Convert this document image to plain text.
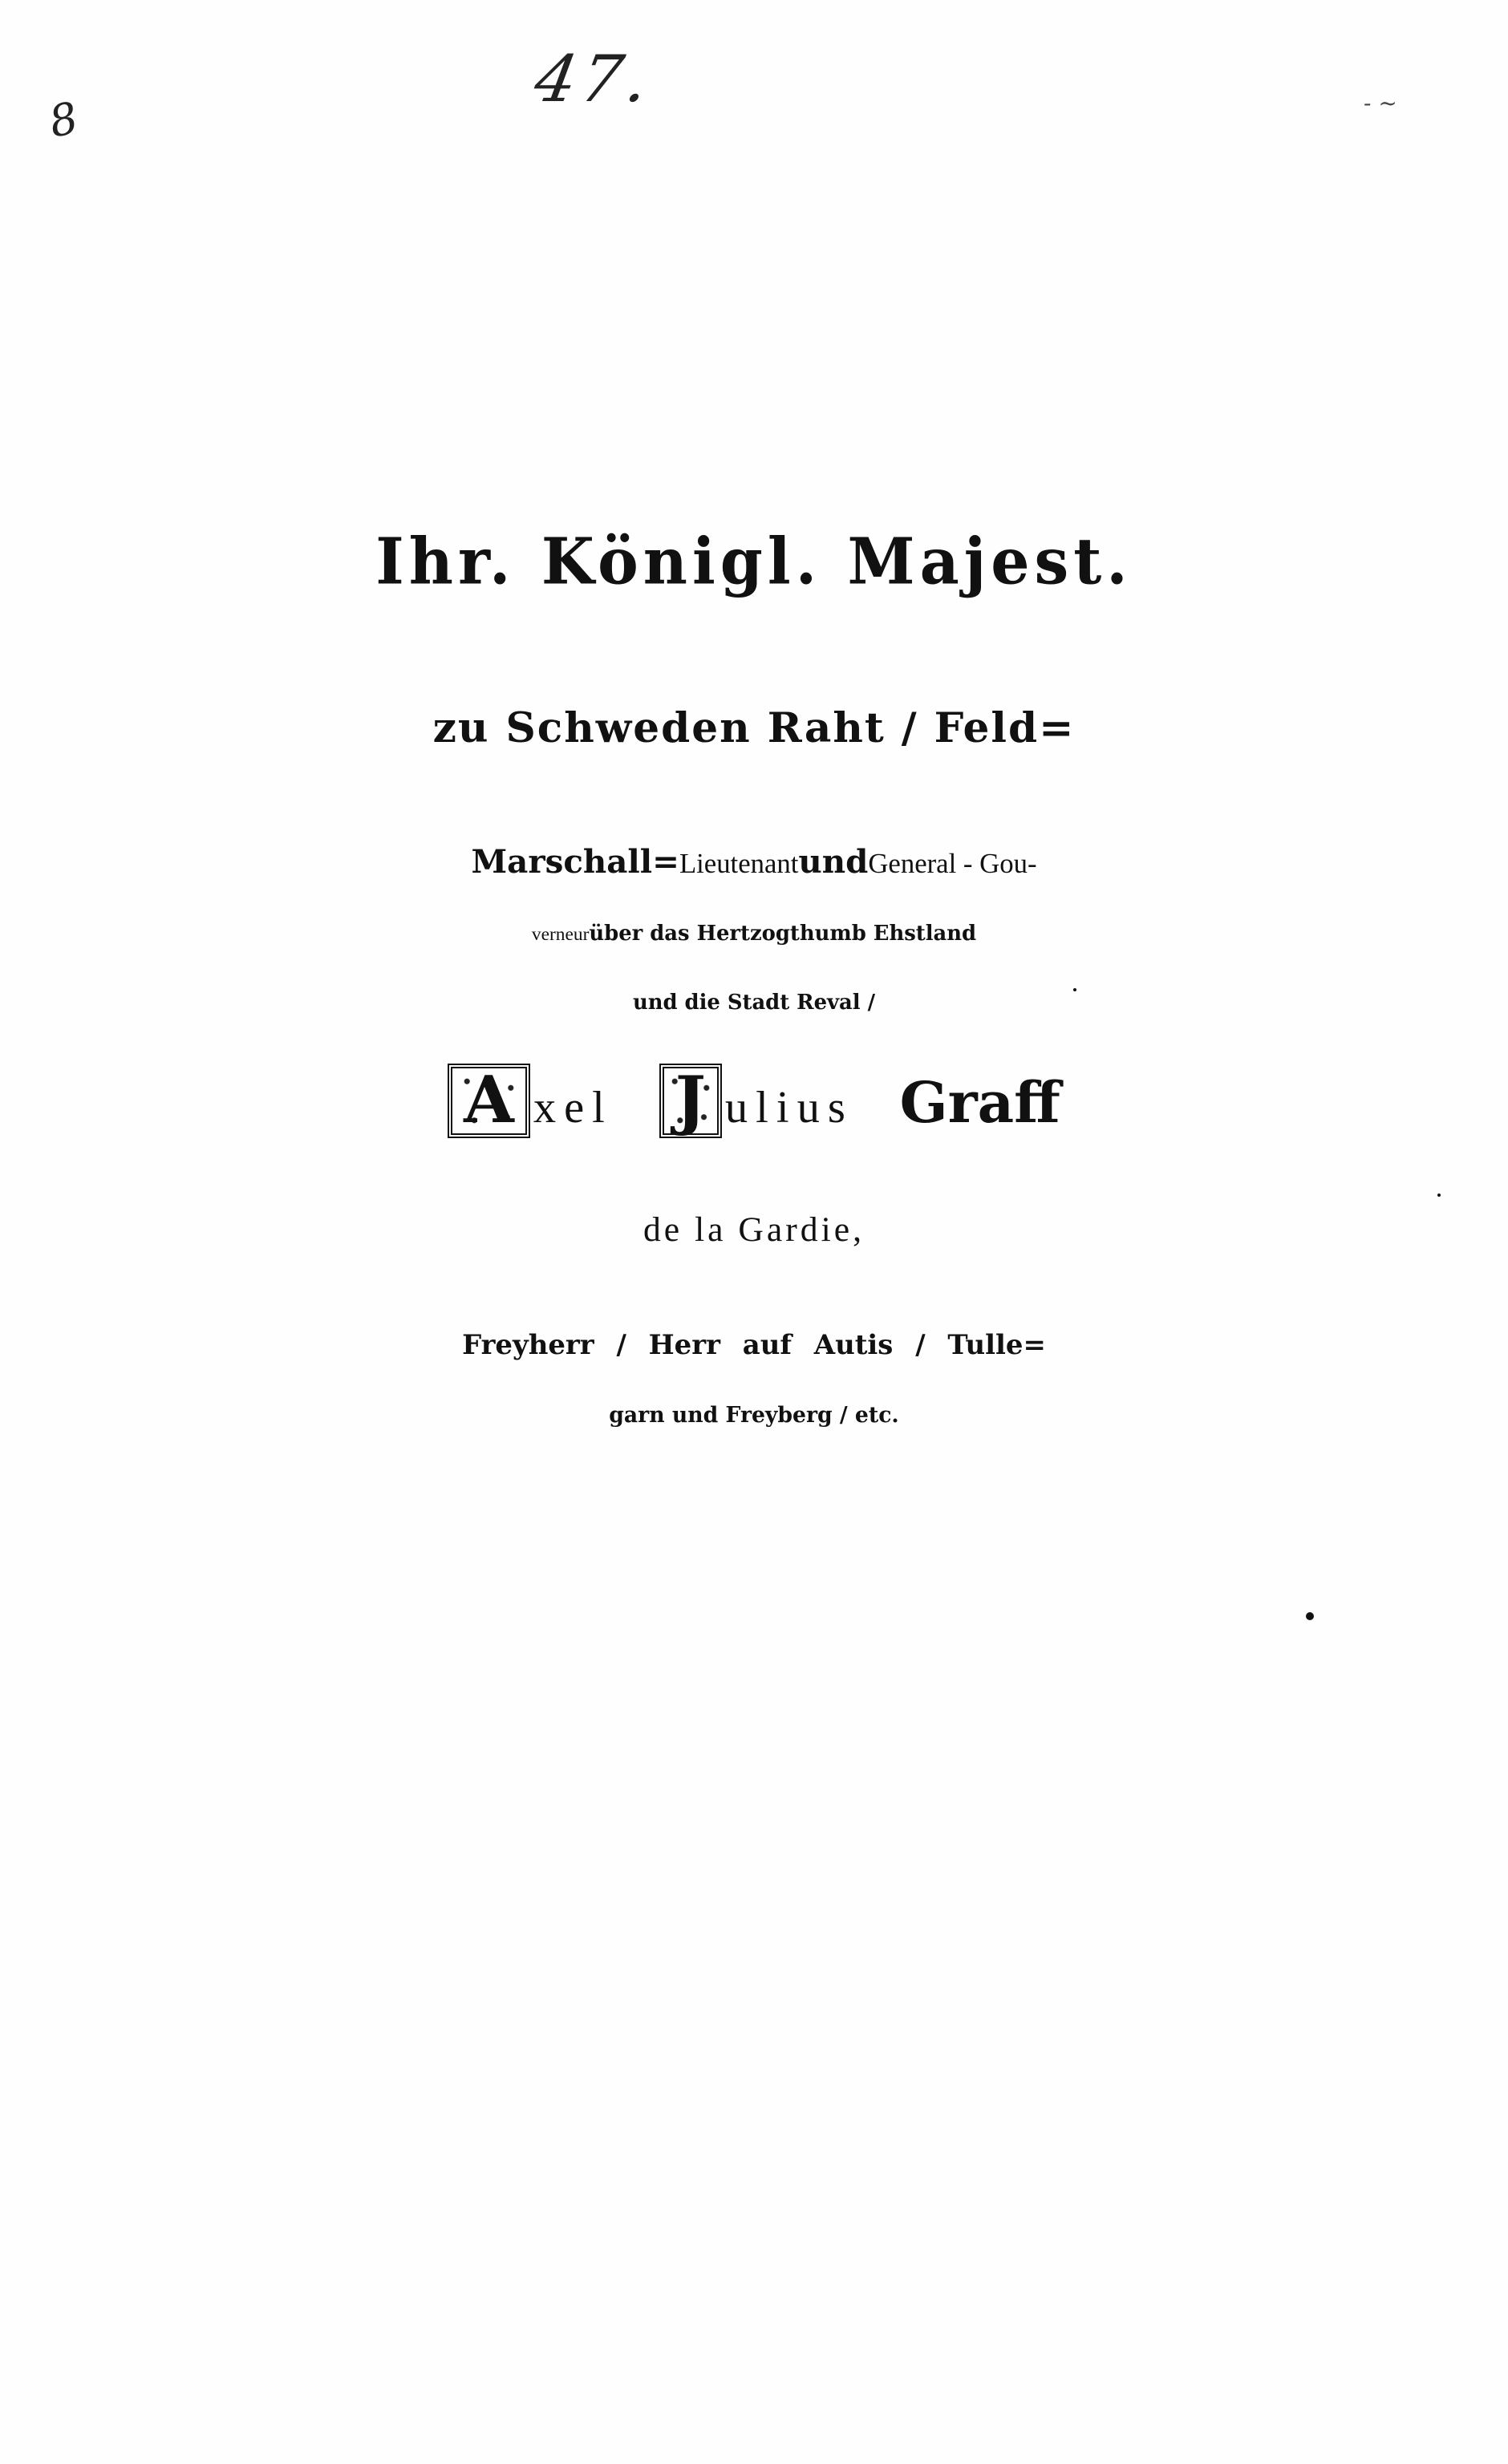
8
47.	- ~
Ihr. Königl. Majest.
zu Schweden Raht / Feld=
Marschall=Lieutenant und General - Gou-
verneur über das Hertzogthumb Ehstland
und die Stadt Reval /
A xel J ulius Graff
de la Gardie,
Freyherr / Herr auf Autis / Tulle=
garn und Freyberg / etc.
